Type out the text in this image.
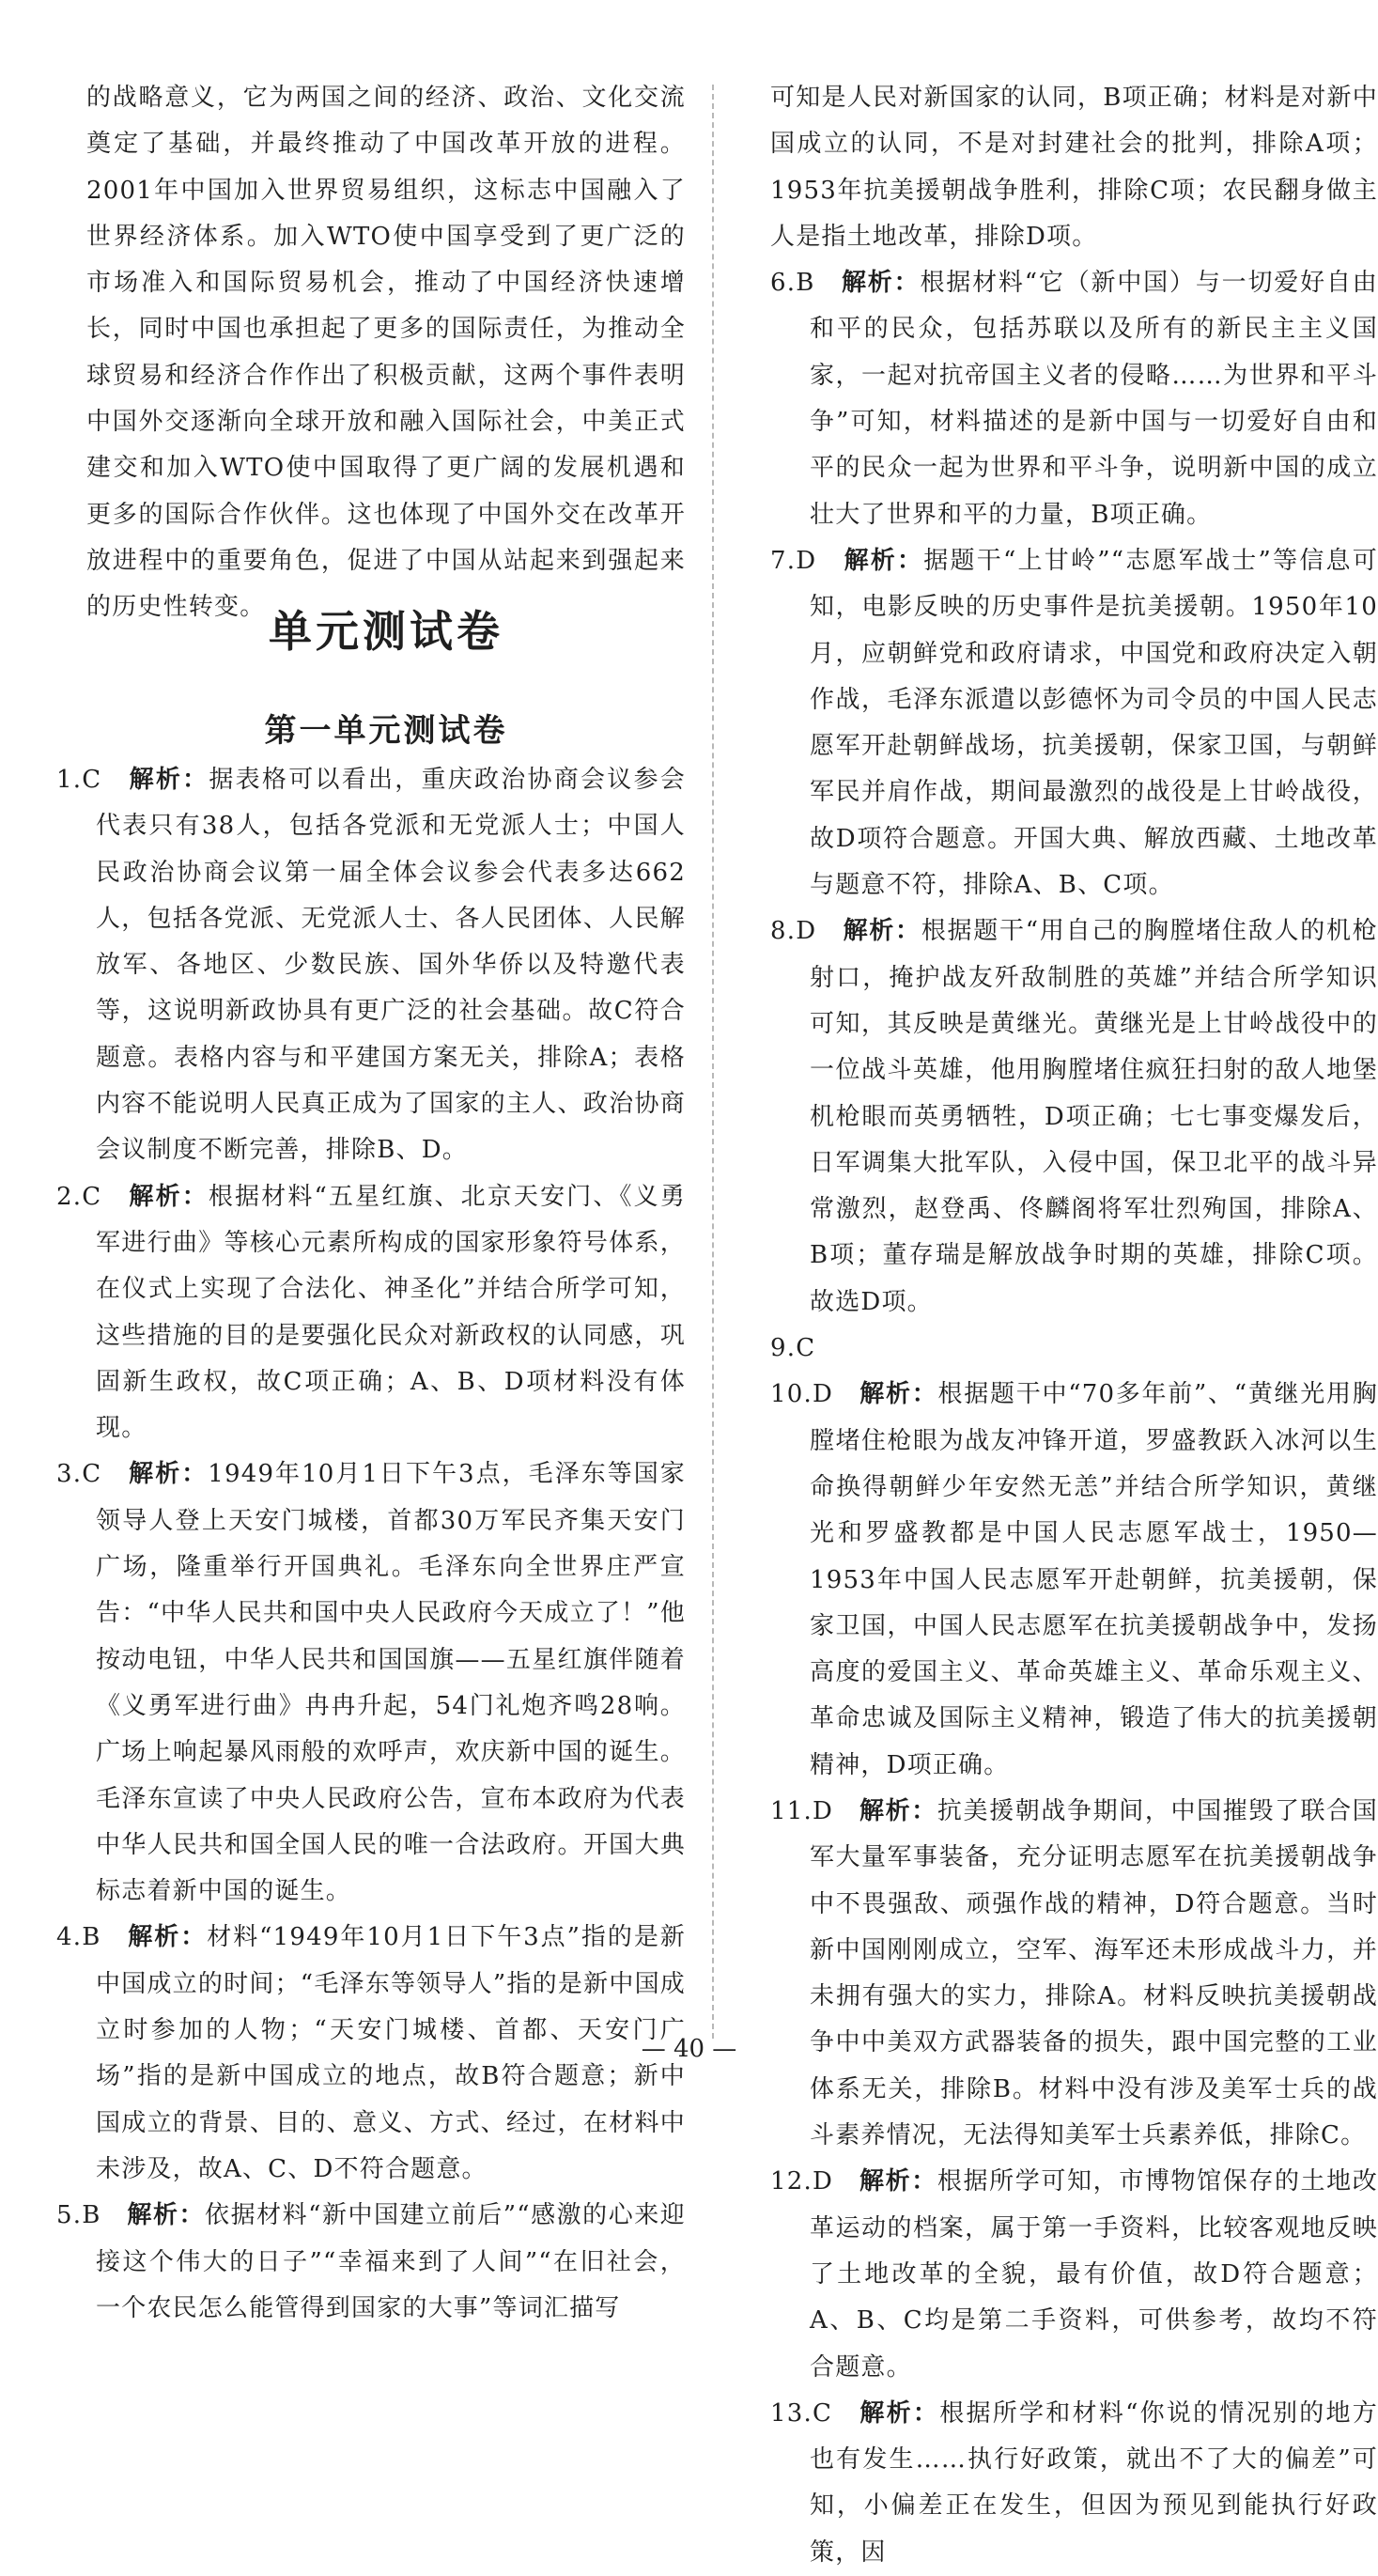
的战略意义，它为两国之间的经济、政治、文化交流奠定了基础，并最终推动了中国改革开放的进程。2001年中国加入世界贸易组织，这标志中国融入了世界经济体系。加入WTO使中国享受到了更广泛的市场准入和国际贸易机会，推动了中国经济快速增长，同时中国也承担起了更多的国际责任，为推动全球贸易和经济合作作出了积极贡献，这两个事件表明中国外交逐渐向全球开放和融入国际社会，中美正式建交和加入WTO使中国取得了更广阔的发展机遇和更多的国际合作伙伴。这也体现了中国外交在改革开放进程中的重要角色，促进了中国从站起来到强起来的历史性转变。 单元测试卷
第一单元测试卷

1.C　 解析：据表格可以看出，重庆政治协商会议参会代表只有38人，包括各党派和无党派人士；中国人民政治协商会议第一届全体会议参会代表多达662人，包括各党派、无党派人士、各人民团体、人民解放军、各地区、少数民族、国外华侨以及特邀代表等，这说明新政协具有更广泛的社会基础。故C符合题意。表格内容与和平建国方案无关，排除A；表格内容不能说明人民真正成为了国家的主人、政治协商会议制度不断完善，排除B、D。

2.C　 解析：根据材料“五星红旗、北京天安门、《义勇军进行曲》等核心元素所构成的国家形象符号体系，在仪式上实现了合法化、神圣化”并结合所学可知，这些措施的目的是要强化民众对新政权的认同感，巩固新生政权，故C项正确；A、B、D项材料没有体现。

3.C　 解析：1949年10月1日下午3点，毛泽东等国家领导人登上天安门城楼，首都30万军民齐集天安门广场，隆重举行开国典礼。毛泽东向全世界庄严宣告：“中华人民共和国中央人民政府今天成立了！”他按动电钮，中华人民共和国国旗——五星红旗伴随着《义勇军进行曲》冉冉升起，54门礼炮齐鸣28响。广场上响起暴风雨般的欢呼声，欢庆新中国的诞生。毛泽东宣读了中央人民政府公告，宣布本政府为代表中华人民共和国全国人民的唯一合法政府。开国大典标志着新中国的诞生。

4.B　 解析：材料“1949年10月1日下午3点”指的是新中国成立的时间；“毛泽东等领导人”指的是新中国成立时参加的人物；“天安门城楼、首都、天安门广场”指的是新中国成立的地点，故B符合题意；新中国成立的背景、目的、意义、方式、经过，在材料中未涉及，故A、C、D不符合题意。

5.B　 解析：依据材料“新中国建立前后”“感激的心来迎接这个伟大的日子”“幸福来到了人间”“在旧社会，一个农民怎么能管得到国家的大事”等词汇描写

可知是人民对新国家的认同，B项正确；材料是对新中国成立的认同，不是对封建社会的批判，排除A项；1953年抗美援朝战争胜利，排除C项；农民翻身做主人是指土地改革，排除D项。

6.B　 解析：根据材料“它（新中国）与一切爱好自由和平的民众，包括苏联以及所有的新民主主义国家，一起对抗帝国主义者的侵略……为世界和平斗争”可知，材料描述的是新中国与一切爱好自由和平的民众一起为世界和平斗争，说明新中国的成立壮大了世界和平的力量，B项正确。

7.D　 解析：据题干“上甘岭”“志愿军战士”等信息可知，电影反映的历史事件是抗美援朝。1950年10月，应朝鲜党和政府请求，中国党和政府决定入朝作战，毛泽东派遣以彭德怀为司令员的中国人民志愿军开赴朝鲜战场，抗美援朝，保家卫国，与朝鲜军民并肩作战，期间最激烈的战役是上甘岭战役，故D项符合题意。开国大典、解放西藏、土地改革与题意不符，排除A、B、C项。

8.D　 解析：根据题干“用自己的胸膛堵住敌人的机枪射口，掩护战友歼敌制胜的英雄”并结合所学知识可知，其反映是黄继光。黄继光是上甘岭战役中的一位战斗英雄，他用胸膛堵住疯狂扫射的敌人地堡机枪眼而英勇牺牲，D项正确；七七事变爆发后，日军调集大批军队，入侵中国，保卫北平的战斗异常激烈，赵登禹、佟麟阁将军壮烈殉国，排除A、B项；董存瑞是解放战争时期的英雄，排除C项。故选D项。

9.C

10.D　 解析：根据题干中“70多年前”、“黄继光用胸膛堵住枪眼为战友冲锋开道，罗盛教跃入冰河以生命换得朝鲜少年安然无恙”并结合所学知识，黄继光和罗盛教都是中国人民志愿军战士，1950—1953年中国人民志愿军开赴朝鲜，抗美援朝，保家卫国，中国人民志愿军在抗美援朝战争中，发扬高度的爱国主义、革命英雄主义、革命乐观主义、革命忠诚及国际主义精神，锻造了伟大的抗美援朝精神，D项正确。

11.D　 解析：抗美援朝战争期间，中国摧毁了联合国军大量军事装备，充分证明志愿军在抗美援朝战争中不畏强敌、顽强作战的精神，D符合题意。当时新中国刚刚成立，空军、海军还未形成战斗力，并未拥有强大的实力，排除A。材料反映抗美援朝战争中中美双方武器装备的损失，跟中国完整的工业体系无关，排除B。材料中没有涉及美军士兵的战斗素养情况，无法得知美军士兵素养低，排除C。

12.D　 解析：根据所学可知，市博物馆保存的土地改革运动的档案，属于第一手资料，比较客观地反映了土地改革的全貌，最有价值，故D符合题意；A、B、C均是第二手资料，可供参考，故均不符合题意。

13.C　 解析：根据所学和材料“你说的情况别的地方也有发生……执行好政策，就出不了大的偏差”可知，小偏差正在发生，但因为预见到能执行好政策，因

— 40 —
